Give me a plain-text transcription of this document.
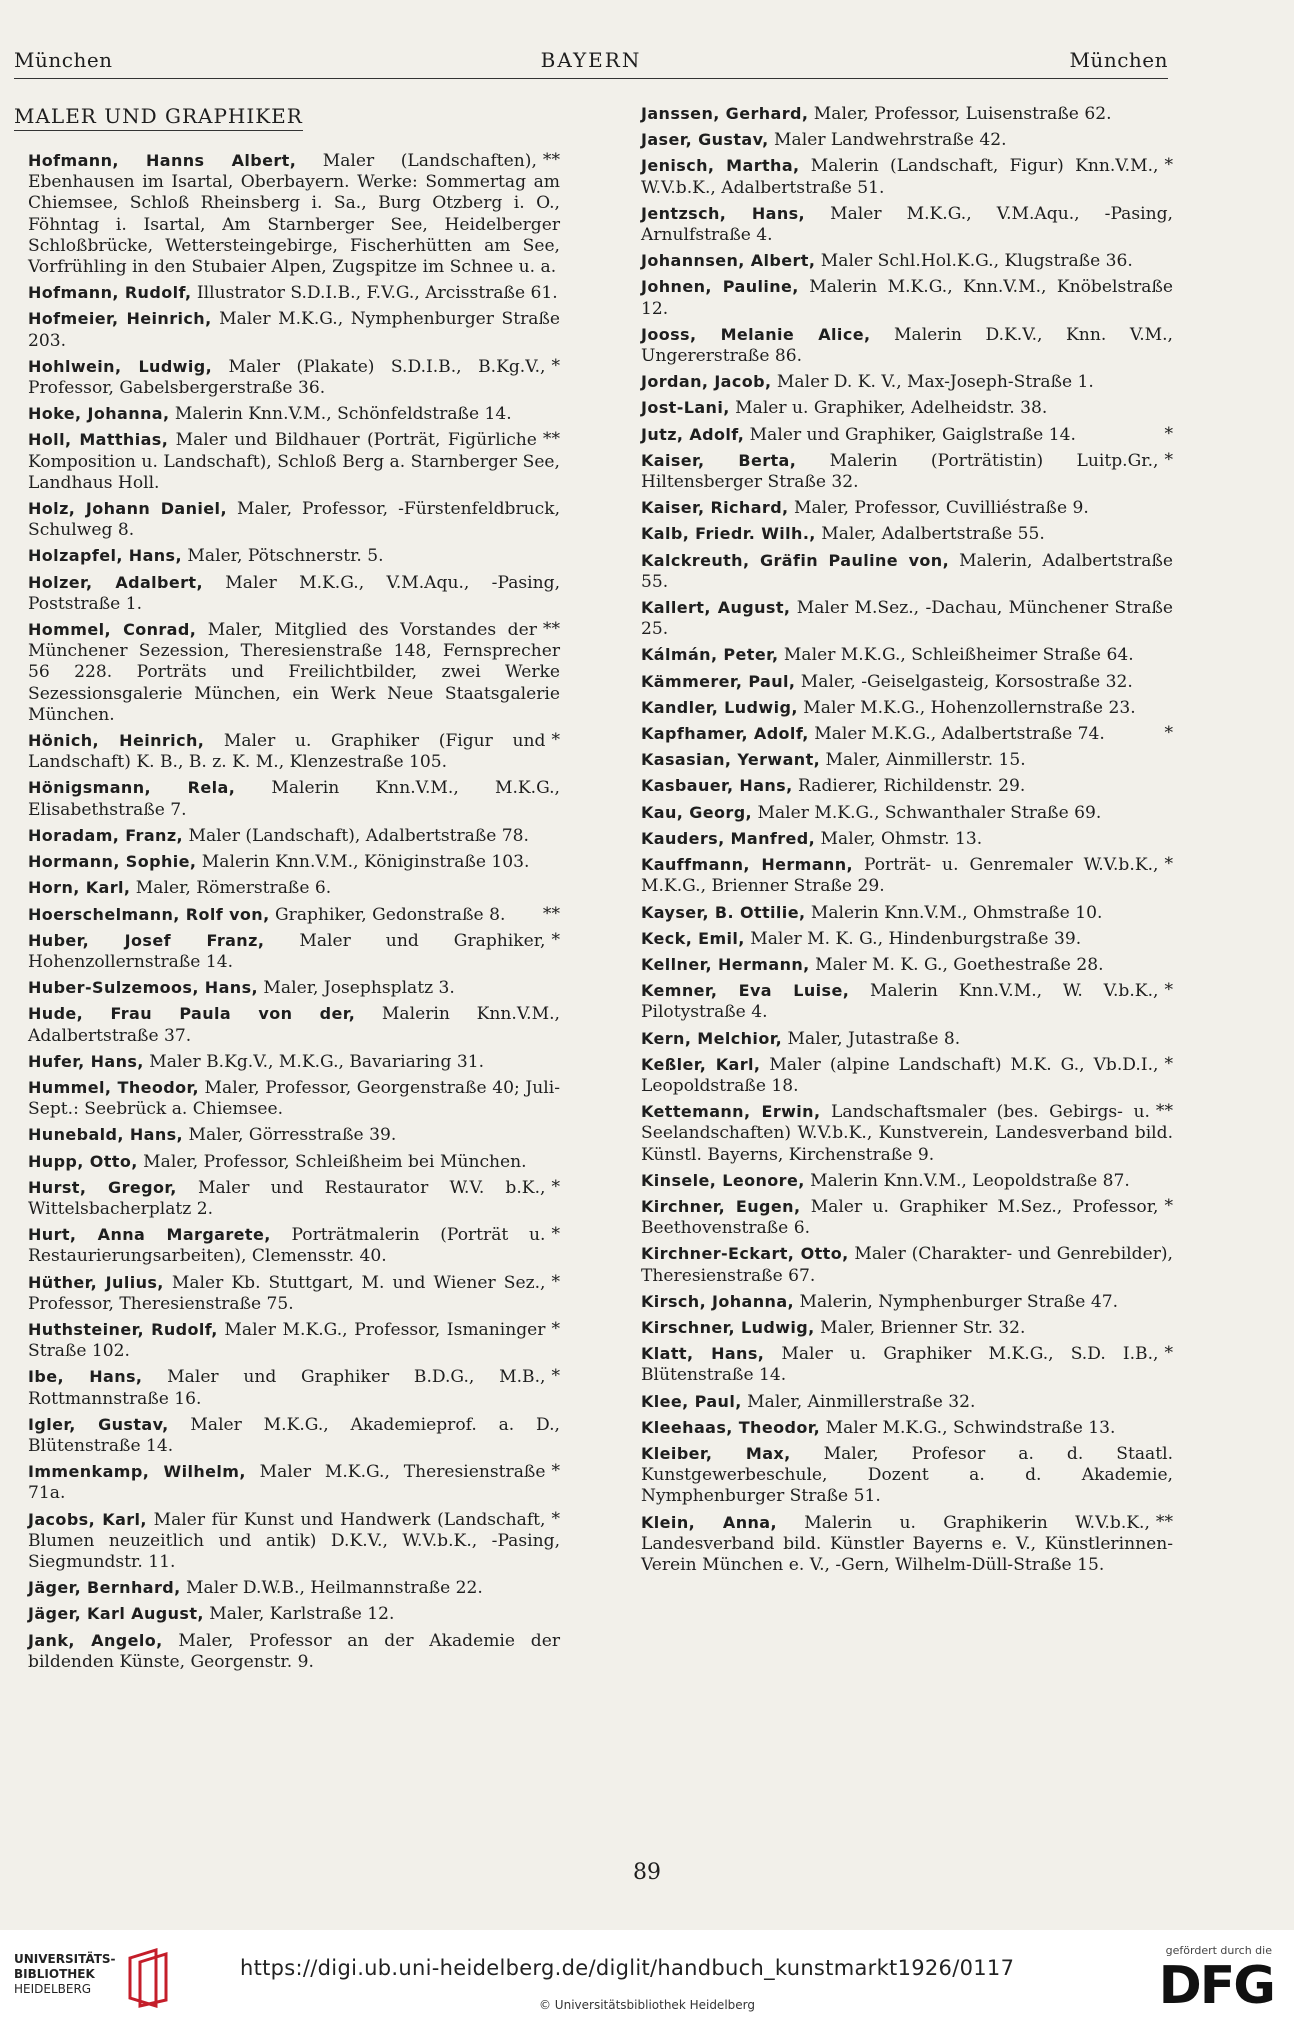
München	BAYERN	München
MALER UND GRAPHIKER
**
Hofmann, Hanns Albert, Maler (Landschaften), Ebenhausen im Isartal, Oberbayern. Werke: Sommertag am Chiemsee, Schloß Rheinsberg i. Sa., Burg Otzberg i. O., Föhntag i. Isartal, Am Starnberger See, Heidelberger Schloßbrücke, Wettersteingebirge, Fischerhütten am See, Vorfrühling in den Stubaier Alpen, Zugspitze im Schnee u. a.
Hofmann, Rudolf, Illustrator S.D.I.B., F.V.G., Arcisstraße 61.
Hofmeier, Heinrich, Maler M.K.G., Nymphenburger Straße 203.
*
Hohlwein, Ludwig, Maler (Plakate) S.D.I.B., B.Kg.V., Professor, Gabelsbergerstraße 36.
Hoke, Johanna, Malerin Knn.V.M., Schönfeldstraße 14.
**
Holl, Matthias, Maler und Bildhauer (Porträt, Figürliche Komposition u. Landschaft), Schloß Berg a. Starnberger See, Landhaus Holl.
Holz, Johann Daniel, Maler, Professor, -Fürstenfeldbruck, Schulweg 8.
Holzapfel, Hans, Maler, Pötschnerstr. 5.
Holzer, Adalbert, Maler M.K.G., V.M.Aqu., -Pasing, Poststraße 1.
**
Hommel, Conrad, Maler, Mitglied des Vorstandes der Münchener Sezession, Theresienstraße 148, Fernsprecher 56 228. Porträts und Freilichtbilder, zwei Werke Sezessionsgalerie München, ein Werk Neue Staatsgalerie München.
*
Hönich, Heinrich, Maler u. Graphiker (Figur und Landschaft) K. B., B. z. K. M., Klenzestraße 105.
Hönigsmann, Rela, Malerin Knn.V.M., M.K.G., Elisabethstraße 7.
Horadam, Franz, Maler (Landschaft), Adalbertstraße 78.
Hormann, Sophie, Malerin Knn.V.M., Königinstraße 103.
Horn, Karl, Maler, Römerstraße 6.
**
Hoerschelmann, Rolf von, Graphiker, Gedonstraße 8.
*
Huber, Josef Franz, Maler und Graphiker, Hohenzollernstraße 14.
Huber-Sulzemoos, Hans, Maler, Josephsplatz 3.
Hude, Frau Paula von der, Malerin Knn.V.M., Adalbertstraße 37.
Hufer, Hans, Maler B.Kg.V., M.K.G., Bavariaring 31.
Hummel, Theodor, Maler, Professor, Georgenstraße 40; Juli-Sept.: Seebrück a. Chiemsee.
Hunebald, Hans, Maler, Görresstraße 39.
Hupp, Otto, Maler, Professor, Schleißheim bei München.
*
Hurst, Gregor, Maler und Restaurator W.V. b.K., Wittelsbacherplatz 2.
*
Hurt, Anna Margarete, Porträtmalerin (Porträt u. Restaurierungsarbeiten), Clemensstr. 40.
*
Hüther, Julius, Maler Kb. Stuttgart, M. und Wiener Sez., Professor, Theresienstraße 75.
*
Huthsteiner, Rudolf, Maler M.K.G., Professor, Ismaninger Straße 102.
*
Ibe, Hans, Maler und Graphiker B.D.G., M.B., Rottmannstraße 16.
Igler, Gustav, Maler M.K.G., Akademieprof. a. D., Blütenstraße 14.
*
Immenkamp, Wilhelm, Maler M.K.G., Theresienstraße 71a.
*
Jacobs, Karl, Maler für Kunst und Handwerk (Landschaft, Blumen neuzeitlich und antik) D.K.V., W.V.b.K., -Pasing, Siegmundstr. 11.
Jäger, Bernhard, Maler D.W.B., Heilmannstraße 22.
Jäger, Karl August, Maler, Karlstraße 12.
Jank, Angelo, Maler, Professor an der Akademie der bildenden Künste, Georgenstr. 9.
Janssen, Gerhard, Maler, Professor, Luisenstraße 62.
Jaser, Gustav, Maler Landwehrstraße 42.
*
Jenisch, Martha, Malerin (Landschaft, Figur) Knn.V.M., W.V.b.K., Adalbertstraße 51.
Jentzsch, Hans, Maler M.K.G., V.M.Aqu., -Pasing, Arnulfstraße 4.
Johannsen, Albert, Maler Schl.Hol.K.G., Klugstraße 36.
Johnen, Pauline, Malerin M.K.G., Knn.V.M., Knöbelstraße 12.
Jooss, Melanie Alice, Malerin D.K.V., Knn. V.M., Ungererstraße 86.
Jordan, Jacob, Maler D. K. V., Max-Joseph-Straße 1.
Jost-Lani, Maler u. Graphiker, Adelheidstr. 38.
*
Jutz, Adolf, Maler und Graphiker, Gaiglstraße 14.
*
Kaiser, Berta, Malerin (Porträtistin) Luitp.Gr., Hiltensberger Straße 32.
Kaiser, Richard, Maler, Professor, Cuvilliéstraße 9.
Kalb, Friedr. Wilh., Maler, Adalbertstraße 55.
Kalckreuth, Gräfin Pauline von, Malerin, Adalbertstraße 55.
Kallert, August, Maler M.Sez., -Dachau, Münchener Straße 25.
Kálmán, Peter, Maler M.K.G., Schleißheimer Straße 64.
Kämmerer, Paul, Maler, -Geiselgasteig, Korsostraße 32.
Kandler, Ludwig, Maler M.K.G., Hohenzollernstraße 23.
*
Kapfhamer, Adolf, Maler M.K.G., Adalbertstraße 74.
Kasasian, Yerwant, Maler, Ainmillerstr. 15.
Kasbauer, Hans, Radierer, Richildenstr. 29.
Kau, Georg, Maler M.K.G., Schwanthaler Straße 69.
Kauders, Manfred, Maler, Ohmstr. 13.
*
Kauffmann, Hermann, Porträt- u. Genremaler W.V.b.K., M.K.G., Brienner Straße 29.
Kayser, B. Ottilie, Malerin Knn.V.M., Ohmstraße 10.
Keck, Emil, Maler M. K. G., Hindenburgstraße 39.
Kellner, Hermann, Maler M. K. G., Goethestraße 28.
*
Kemner, Eva Luise, Malerin Knn.V.M., W. V.b.K., Pilotystraße 4.
Kern, Melchior, Maler, Jutastraße 8.
*
Keßler, Karl, Maler (alpine Landschaft) M.K. G., Vb.D.I., Leopoldstraße 18.
**
Kettemann, Erwin, Landschaftsmaler (bes. Gebirgs- u. Seelandschaften) W.V.b.K., Kunstverein, Landesverband bild. Künstl. Bayerns, Kirchenstraße 9.
Kinsele, Leonore, Malerin Knn.V.M., Leopoldstraße 87.
*
Kirchner, Eugen, Maler u. Graphiker M.Sez., Professor, Beethovenstraße 6.
Kirchner-Eckart, Otto, Maler (Charakter- und Genrebilder), Theresienstraße 67.
Kirsch, Johanna, Malerin, Nymphenburger Straße 47.
Kirschner, Ludwig, Maler, Brienner Str. 32.
*
Klatt, Hans, Maler u. Graphiker M.K.G., S.D. I.B., Blütenstraße 14.
Klee, Paul, Maler, Ainmillerstraße 32.
Kleehaas, Theodor, Maler M.K.G., Schwindstraße 13.
Kleiber, Max, Maler, Profesor a. d. Staatl. Kunstgewerbeschule, Dozent a. d. Akademie, Nymphenburger Straße 51.
**
Klein, Anna, Malerin u. Graphikerin W.V.b.K., Landesverband bild. Künstler Bayerns e. V., Künstlerinnen-Verein München e. V., -Gern, Wilhelm-Düll-Straße 15.
89
UNIVERSITÄTS-
BIBLIOTHEK
HEIDELBERG
https://digi.ub.uni-heidelberg.de/diglit/handbuch_kunstmarkt1926/0117
© Universitätsbibliothek Heidelberg
gefördert durch die
DFG
